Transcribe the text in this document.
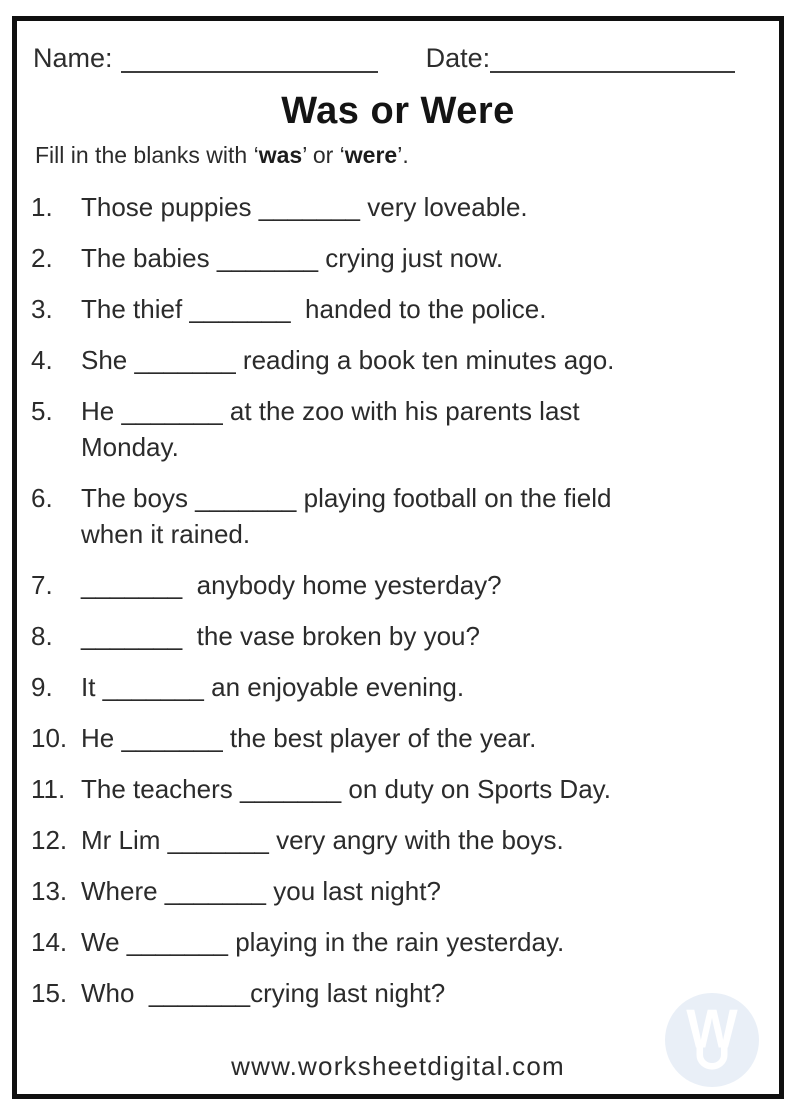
Name:	Date:
Was or Were

Fill in the blanks with ‘was’ or ‘were’.

1.	Those puppies _______ very loveable.
2.	The babies _______ crying just now.
3.	The thief _______  handed to the police.
4.	She _______ reading a book ten minutes ago.
5.	He _______ at the zoo with his parents last Monday.
6.	The boys _______ playing football on the field when it rained.
7.	_______  anybody home yesterday?
8.	_______  the vase broken by you?
9.	It _______ an enjoyable evening.
10. He _______ the best player of the year.
11. The teachers _______ on duty on Sports Day.
12. Mr Lim _______ very angry with the boys.
13. Where _______ you last night?
14. We _______ playing in the rain yesterday.
15. Who  _______crying last night?
W
www.worksheetdigital.com
